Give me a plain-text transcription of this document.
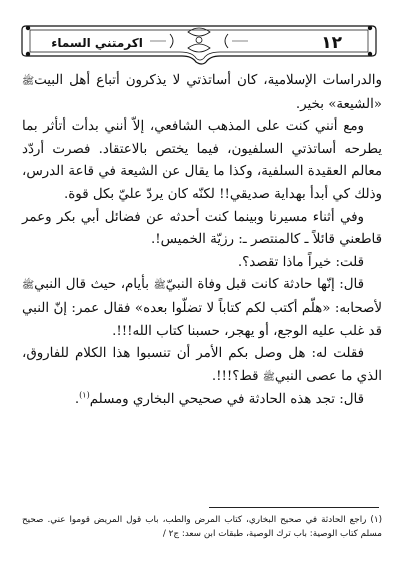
اكرمتني السماء	١٢

والدراسات الإسلامية، كان أساتذتي لا يذكرون أتباع أهل البيتﷺ «الشيعة» بخير.

ومع أنني كنت على المذهب الشافعي، إلاّ أنني بدأت أتأثر بما يطرحه أساتذتي السلفيون، فيما يختص بالاعتقاد. فصرت أردّد معالم العقيدة السلفية، وكذا ما يقال عن الشيعة في قاعة الدرس، وذلك كي أبدأ بهداية صديقي!! لكنّه كان يردّ عليّ بكل قوة.

وفي أثناء مسيرنا وبينما كنت أحدثه عن فضائل أبي بكر وعمر قاطعني قائلاً ـ كالمنتصر ـ: رزيّة الخميس!.

قلت: خيراً ماذا تقصد؟.

قال: إنّها حادثة كانت قبل وفاة النبيّﷺ بأيام، حيث قال النبيﷺ لأصحابه: «هلّم أكتب لكم كتاباً لا تضلّوا بعده» فقال عمر: إنّ النبي قد غلب عليه الوجع، أو يهجر، حسبنا كتاب الله!!!.

فقلت له: هل وصل بكم الأمر أن تنسبوا هذا الكلام للفاروق، الذي ما عصى النبيﷺ قط؟!!!.

قال: تجد هذه الحادثة في صحيحي البخاري ومسلم$^{(١)}$.

(١) راجع الحادثة في صحيح البخاري، كتاب المرض والطب، باب قول المريض قوموا عني. صحيح مسلم كتاب الوصية: باب ترك الوصية، طبقات ابن سعد: ج٢ /
